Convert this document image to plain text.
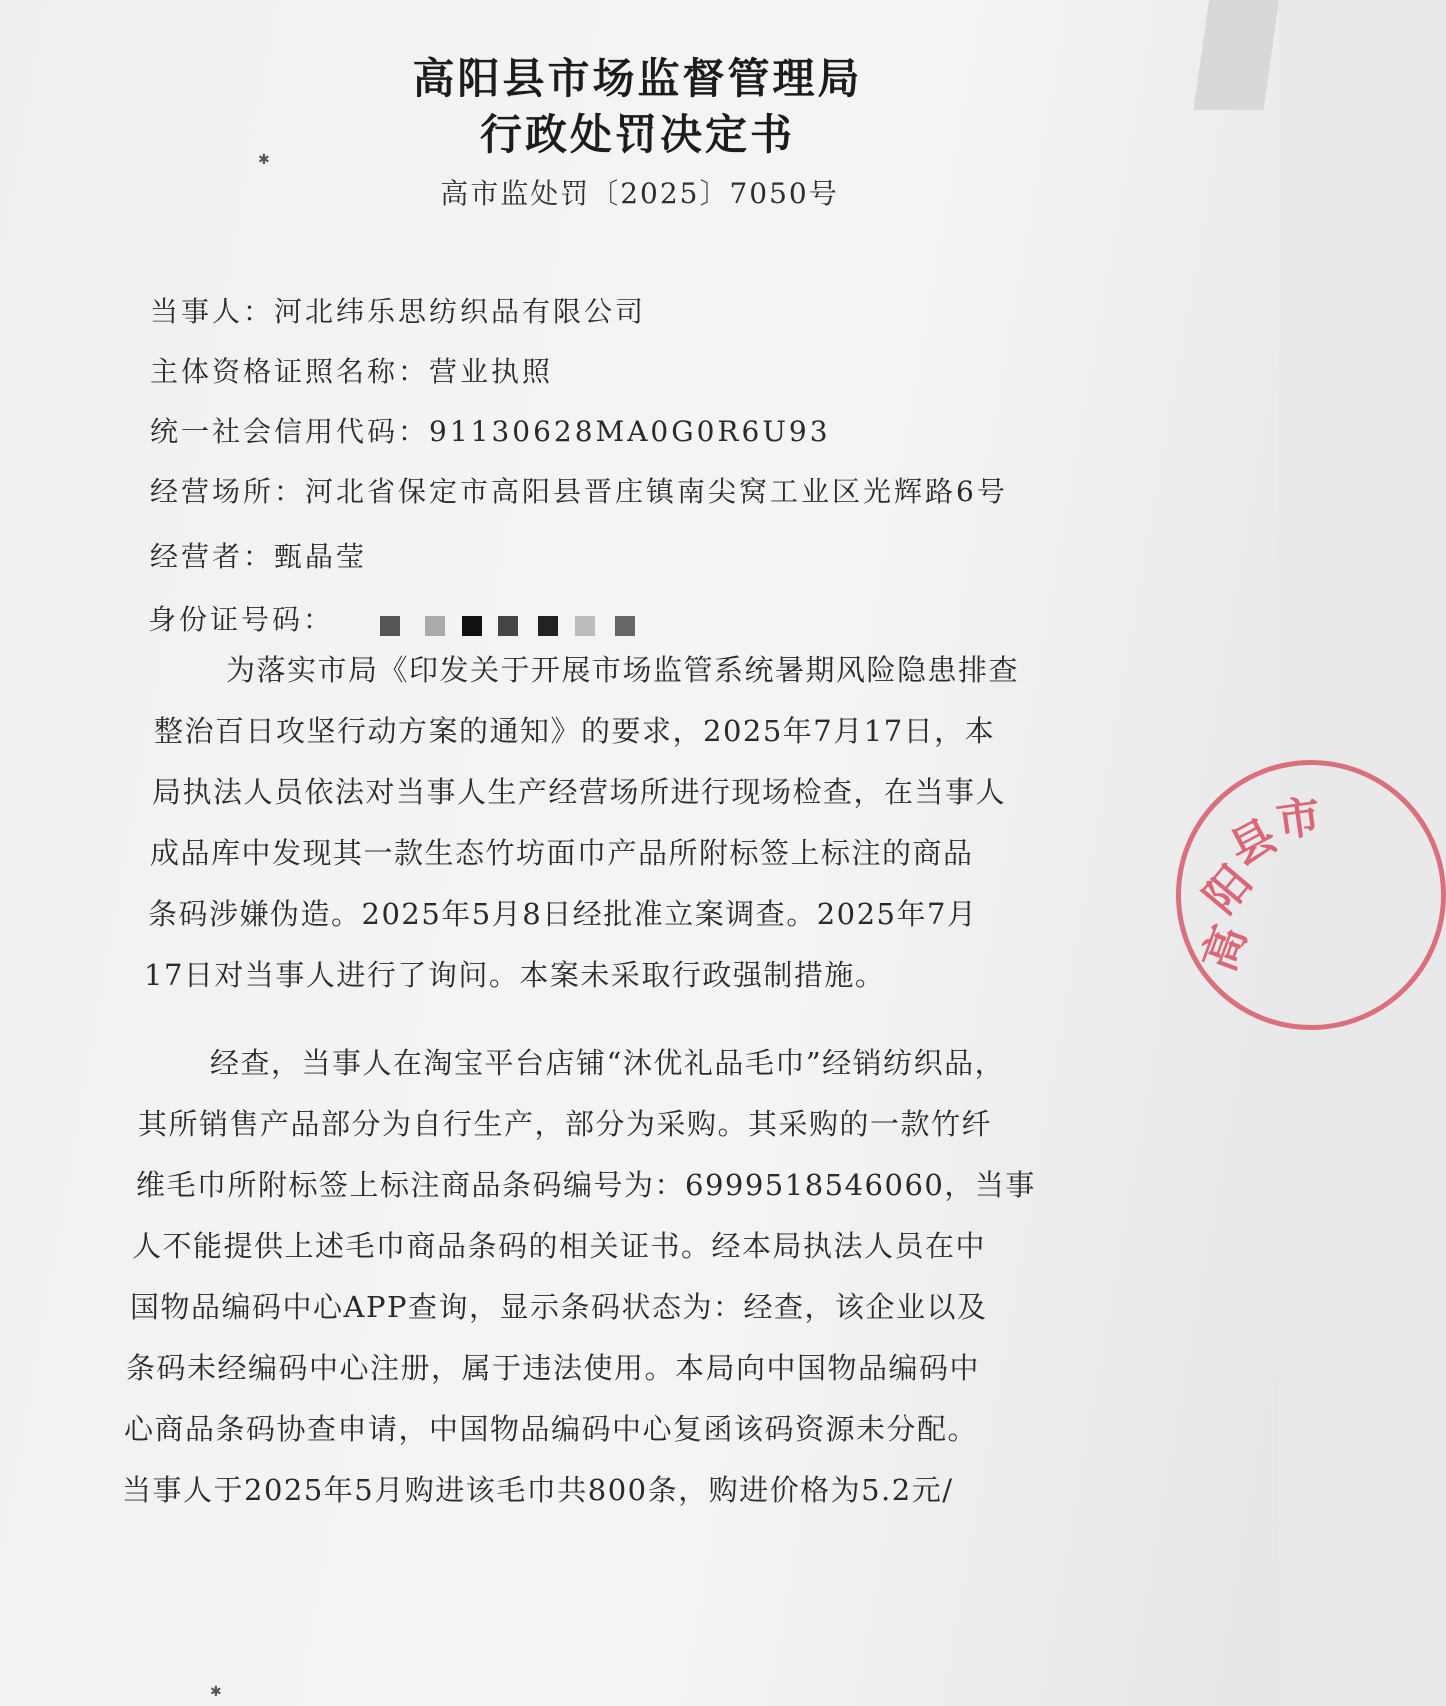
高阳县市场监督管理局
行政处罚决定书
高市监处罚〔2025〕7050号
当事人：河北纬乐思纺织品有限公司
主体资格证照名称：营业执照
统一社会信用代码：91130628MA0G0R6U93
经营场所：河北省保定市高阳县晋庄镇南尖窝工业区光辉路6号
经营者：甄晶莹
身份证号码：
为落实市局《印发关于开展市场监管系统暑期风险隐患排查
整治百日攻坚行动方案的通知》的要求，2025年7月17日，本
局执法人员依法对当事人生产经营场所进行现场检查，在当事人
成品库中发现其一款生态竹坊面巾产品所附标签上标注的商品
条码涉嫌伪造。2025年5月8日经批准立案调查。2025年7月
17日对当事人进行了询问。本案未采取行政强制措施。
经查，当事人在淘宝平台店铺“沐优礼品毛巾”经销纺织品，
其所销售产品部分为自行生产，部分为采购。其采购的一款竹纤
维毛巾所附标签上标注商品条码编号为：6999518546060，当事
人不能提供上述毛巾商品条码的相关证书。经本局执法人员在中
国物品编码中心APP查询，显示条码状态为：经查，该企业以及
条码未经编码中心注册，属于违法使用。本局向中国物品编码中
心商品条码协查申请，中国物品编码中心复函该码资源未分配。
当事人于2025年5月购进该毛巾共800条，购进价格为5.2元/
高
阳
县
市
✱
✱
